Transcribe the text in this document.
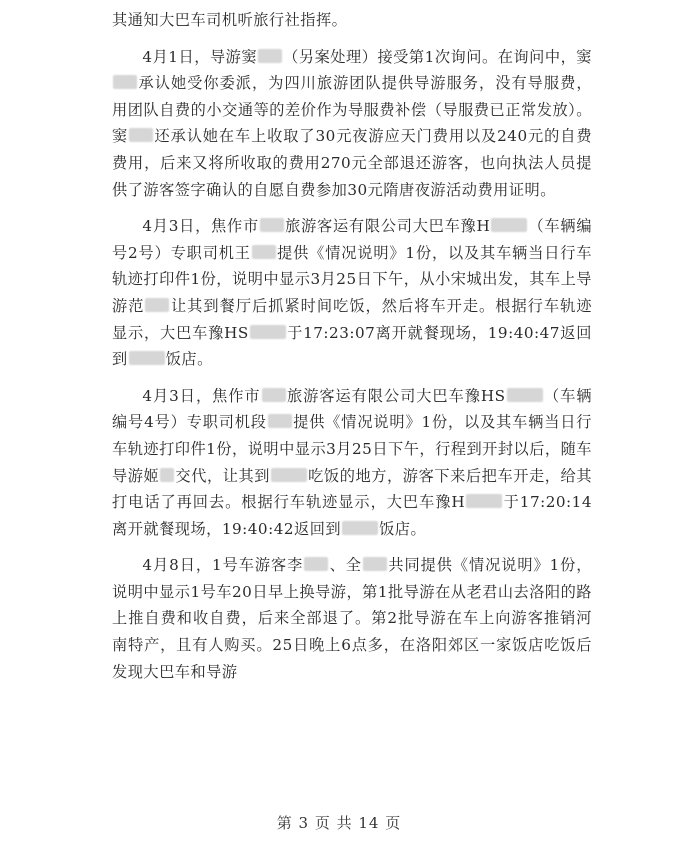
其通知大巴车司机听旅行社指挥。

4月1日，导游窦 （另案处理）接受第1次询问。在询问中，窦承认她受你委派，为四川旅游团队提供导游服务，没有导服费，用团队自费的小交通等的差价作为导服费补偿（导服费已正常发放）。窦 还承认她在车上收取了30元夜游应天门费用以及240元的自费费用，后来又将所收取的费用270元全部退还游客，也向执法人员提供了游客签字确认的自愿自费参加30元隋唐夜游活动费用证明。

4月3日，焦作市 旅游客运有限公司大巴车豫H	（车辆编号2号）专职司机王 提供《情况说明》1份，以及其车辆当日行车轨迹打印件1份，说明中显示3月25日下午，从小宋城出发，其车上导游范 让其到餐厅后抓紧时间吃饭，然后将车开走。根据行车轨迹显示，大巴车豫HS	于17:23:07离开就餐现场，19:40:47返回到	饭店。

4月3日，焦作市 旅游客运有限公司大巴车豫HS	（车辆编号4号）专职司机段 提供《情况说明》1份，以及其车辆当日行车轨迹打印件1份，说明中显示3月25日下午，行程到开封以后，随车导游姬 交代，让其到	吃饭的地方，游客下来后把车开走，给其打电话了再回去。根据行车轨迹显示，大巴车豫H	于17:20:14离开就餐现场，19:40:42返回到	饭店。

4月8日，1号车游客李 、全 共同提供《情况说明》1份，说明中显示1号车20日早上换导游，第1批导游在从老君山去洛阳的路上推自费和收自费，后来全部退了。第2批导游在车上向游客推销河南特产，且有人购买。25日晚上6点多，在洛阳郊区一家饭店吃饭后发现大巴车和导游

第 3 页 共 14 页
